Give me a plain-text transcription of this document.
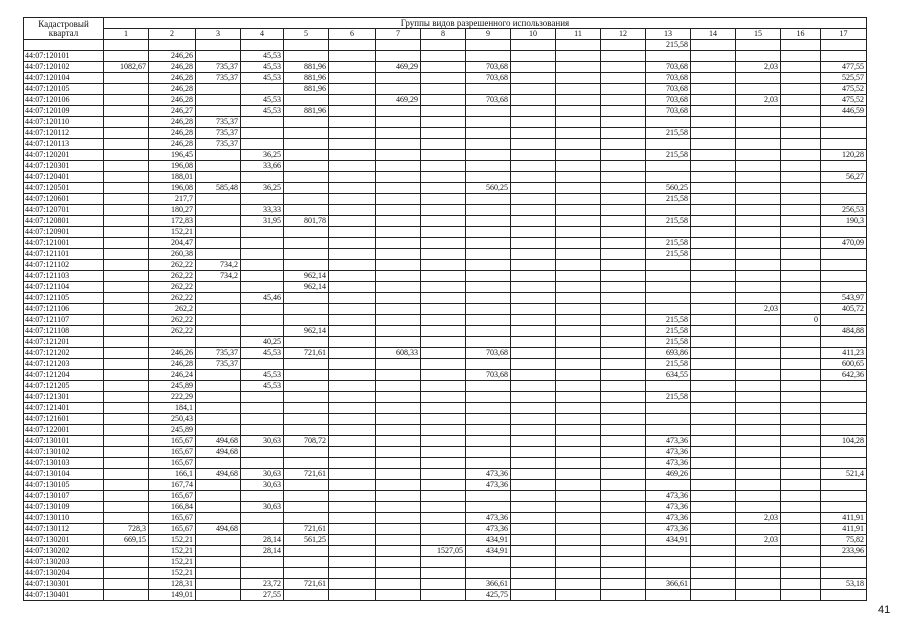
Кадастровый
квартал	Группы видов разрешенного использования																
	1	2	3	4	5	6	7	8	9	10	11	12	13	14	15	16	17
													215,58				
44:07:120101		246,26		45,53													
44:07:120102	1082,67	246,28	735,37	45,53	881,96		469,29		703,68				703,68		2,03		477,55
44:07:120104		246,28	735,37	45,53	881,96				703,68				703,68				525,57
44:07:120105		246,28			881,96								703,68				475,52
44:07:120106		246,28		45,53			469,29		703,68				703,68		2,03		475,52
44:07:120109		246,27		45,53	881,96								703,68				446,59
44:07:120110		246,28	735,37														
44:07:120112		246,28	735,37										215,58				
44:07:120113		246,28	735,37														
44:07:120201		196,45		36,25									215,58				120,28
44:07:120301		196,08		33,66													
44:07:120401		188,01															56,27
44:07:120501		196,08	585,48	36,25					560,25				560,25				
44:07:120601		217,7											215,58				
44:07:120701		180,27		33,33													256,53
44:07:120801		172,83		31,95	801,78								215,58				190,3
44:07:120901		152,21															
44:07:121001		204,47											215,58				470,09
44:07:121101		260,38											215,58				
44:07:121102		262,22	734,2														
44:07:121103		262,22	734,2		962,14												
44:07:121104		262,22			962,14												
44:07:121105		262,22		45,46													543,97
44:07:121106		262,2													2,03		405,72
44:07:121107		262,22											215,58			0	
44:07:121108		262,22			962,14								215,58				484,88
44:07:121201				40,25									215,58				
44:07:121202		246,26	735,37	45,53	721,61		608,33		703,68				693,86				411,23
44:07:121203		246,28	735,37										215,58				600,65
44:07:121204		246,24		45,53					703,68				634,55				642,36
44:07:121205		245,89		45,53													
44:07:121301		222,29											215,58				
44:07:121401		184,1															
44:07:121601		250,43															
44:07:122001		245,89															
44:07:130101		165,67	494,68	30,63	708,72								473,36				104,28
44:07:130102		165,67	494,68										473,36				
44:07:130103		165,67											473,36				
44:07:130104		166,1	494,68	30,63	721,61				473,36				469,26				521,4
44:07:130105		167,74		30,63					473,36								
44:07:130107		165,67											473,36				
44:07:130109		166,84		30,63									473,36				
44:07:130110		165,67							473,36				473,36		2,03		411,91
44:07:130112	728,3	165,67	494,68		721,61				473,36				473,36				411,91
44:07:130201	669,15	152,21		28,14	561,25				434,91				434,91		2,03		75,82
44:07:130202		152,21		28,14				1527,05	434,91								233,96
44:07:130203		152,21															
44:07:130204		152,21															
44:07:130301		128,31		23,72	721,61				366,61				366,61				53,18
44:07:130401		149,01		27,55					425,75								
41
